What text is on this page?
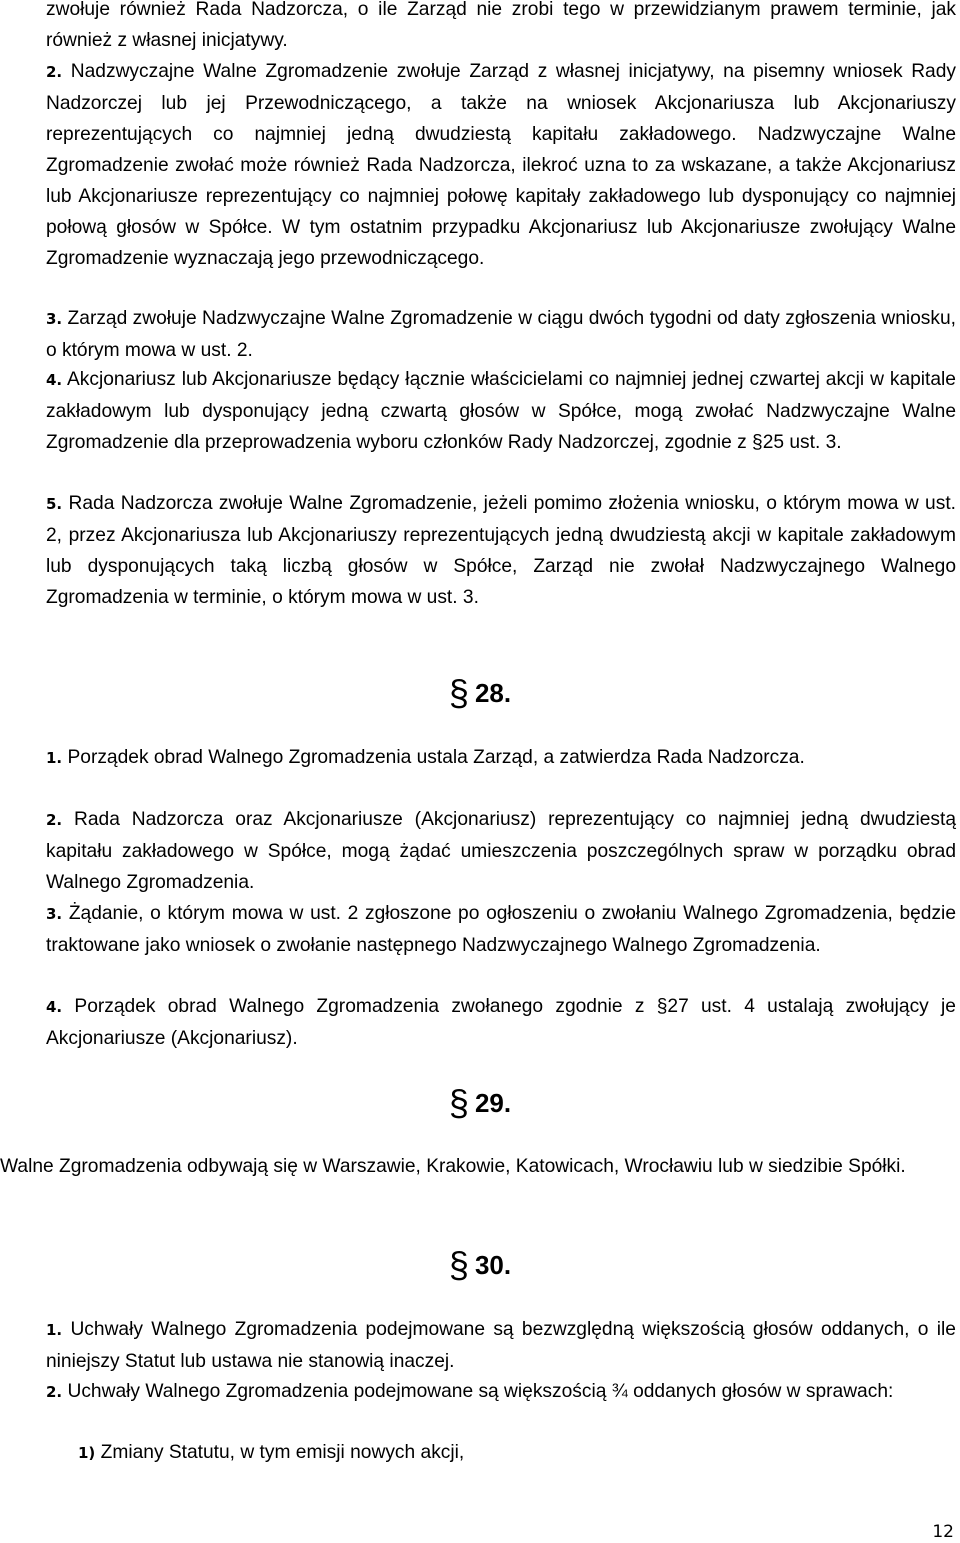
zwołuje również Rada Nadzorcza, o ile Zarząd nie zrobi tego w przewidzianym prawem terminie, jak również z własnej inicjatywy.

2. Nadzwyczajne Walne Zgromadzenie zwołuje Zarząd z własnej inicjatywy, na pisemny wniosek Rady Nadzorczej lub jej Przewodniczącego, a także na wniosek Akcjonariusza lub Akcjonariuszy reprezentujących co najmniej jedną dwudziestą kapitału zakładowego. Nadzwyczajne Walne Zgromadzenie zwołać może również Rada Nadzorcza, ilekroć uzna to za wskazane, a także Akcjonariusz lub Akcjonariusze reprezentujący co najmniej połowę kapitały zakładowego lub dysponujący co najmniej połową głosów w Spółce. W tym ostatnim przypadku Akcjonariusz lub Akcjonariusze zwołujący Walne Zgromadzenie wyznaczają jego przewodniczącego.

3. Zarząd zwołuje Nadzwyczajne Walne Zgromadzenie w ciągu dwóch tygodni od daty zgłoszenia wniosku, o którym mowa w ust. 2.

4. Akcjonariusz lub Akcjonariusze będący łącznie właścicielami co najmniej jednej czwartej akcji w kapitale zakładowym lub dysponujący jedną czwartą głosów w Spółce, mogą zwołać Nadzwyczajne Walne Zgromadzenie dla przeprowadzenia wyboru członków Rady Nadzorczej, zgodnie z §25 ust. 3.

5. Rada Nadzorcza zwołuje Walne Zgromadzenie, jeżeli pomimo złożenia wniosku, o którym mowa w ust. 2, przez Akcjonariusza lub Akcjonariuszy reprezentujących jedną dwudziestą akcji w kapitale zakładowym lub dysponujących taką liczbą głosów w Spółce, Zarząd nie zwołał Nadzwyczajnego Walnego Zgromadzenia w terminie, o którym mowa w ust. 3.

1. Porządek obrad Walnego Zgromadzenia ustala Zarząd, a zatwierdza Rada Nadzorcza.

2. Rada Nadzorcza oraz Akcjonariusze (Akcjonariusz) reprezentujący co najmniej jedną dwudziestą kapitału zakładowego w Spółce, mogą żądać umieszczenia poszczególnych spraw w porządku obrad Walnego Zgromadzenia.

3. Żądanie, o którym mowa w ust. 2 zgłoszone po ogłoszeniu o zwołaniu Walnego Zgromadzenia, będzie traktowane jako wniosek o zwołanie następnego Nadzwyczajnego Walnego Zgromadzenia.

4. Porządek obrad Walnego Zgromadzenia zwołanego zgodnie z §27 ust. 4 ustalają zwołujący je Akcjonariusze (Akcjonariusz).

1. Uchwały Walnego Zgromadzenia podejmowane są bezwzględną większością głosów oddanych, o ile niniejszy Statut lub ustawa nie stanowią inaczej.

2. Uchwały Walnego Zgromadzenia podejmowane są większością ¾ oddanych głosów w sprawach:

1) Zmiany Statutu, w tym emisji nowych akcji,

§ 28.
§ 29.

Walne Zgromadzenia odbywają się w Warszawie, Krakowie, Katowicach, Wrocławiu lub w siedzibie Spółki.

§ 30.
12
